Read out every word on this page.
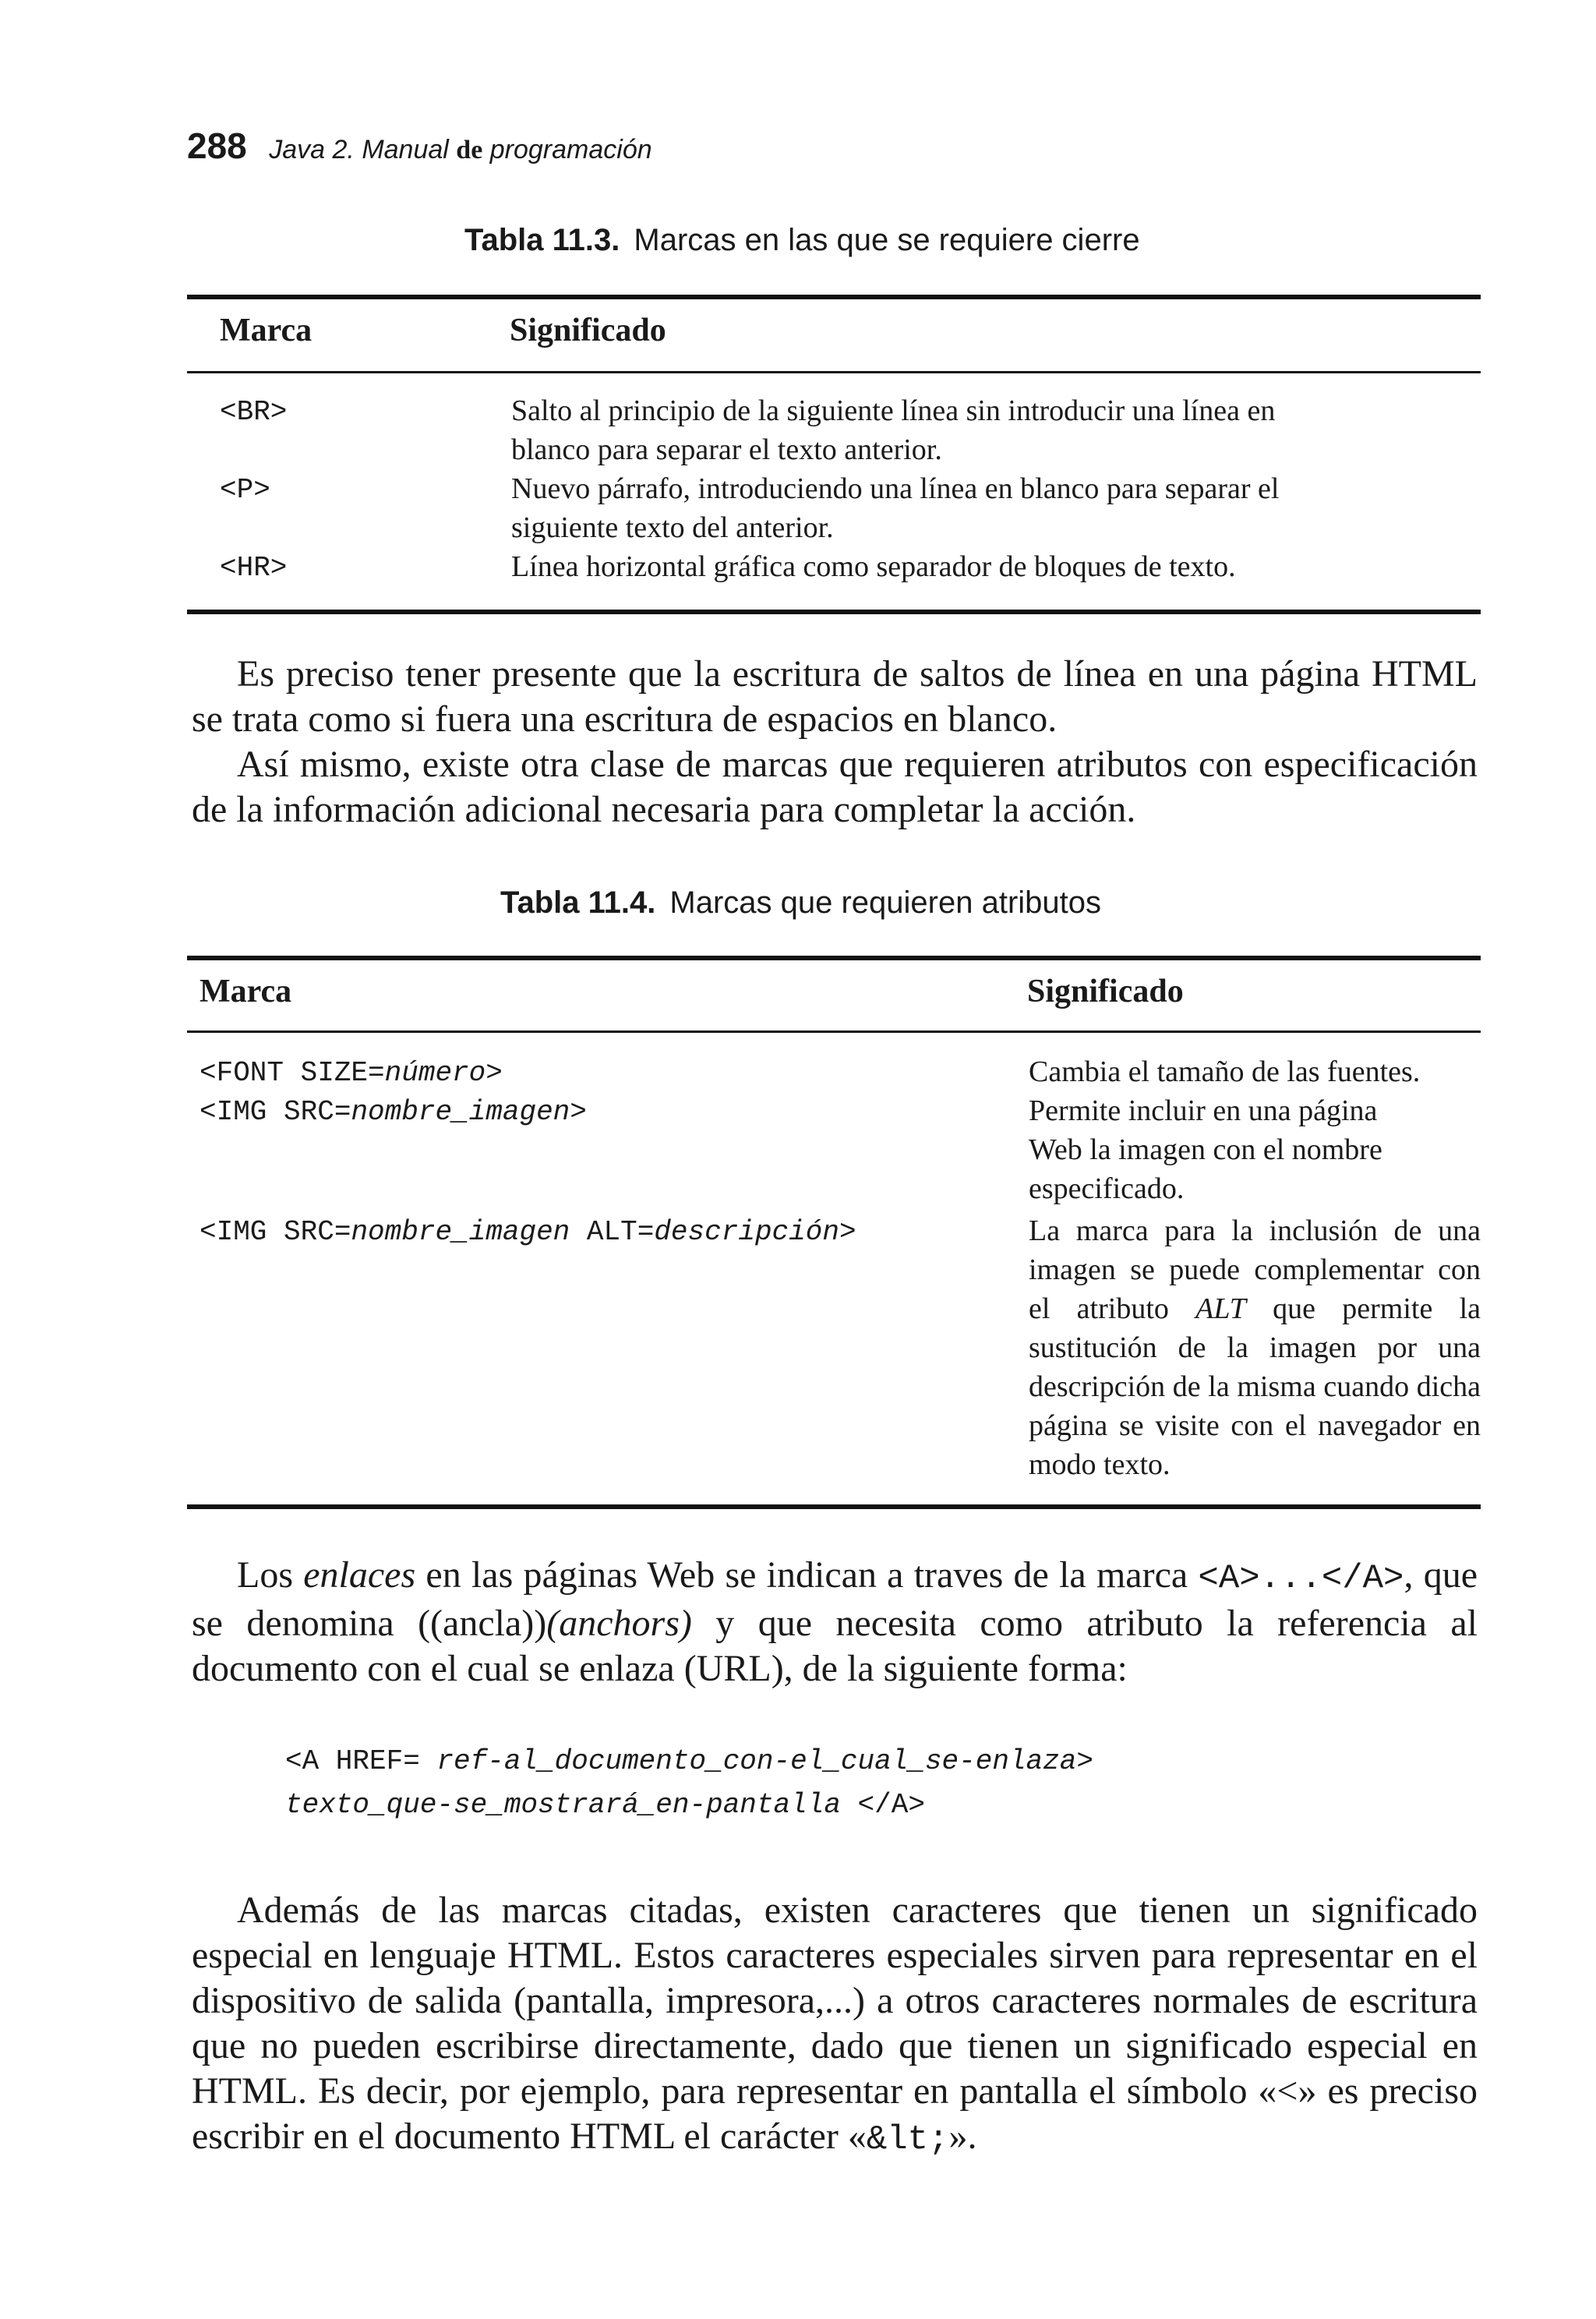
288 Java 2. Manual de programación
Tabla 11.3. Marcas en las que se requiere cierre
Marca	Significado
<BR>	Salto al principio de la siguiente línea sin introducir una línea en
blanco para separar el texto anterior.
<P>	Nuevo párrafo, introduciendo una línea en blanco para separar el
siguiente texto del anterior.
<HR>	Línea horizontal gráfica como separador de bloques de texto.
Es preciso tener presente que la escritura de saltos de línea en una página HTML se trata como si fuera una escritura de espacios en blanco.
Así mismo, existe otra clase de marcas que requieren atributos con especificación de la información adicional necesaria para completar la acción.
Tabla 11.4. Marcas que requieren atributos
Marca	Significado
<FONT SIZE=número>	Cambia el tamaño de las fuentes.
<IMG SRC=nombre_imagen>	Permite incluir en una página Web la imagen con el nombre especificado.
<IMG SRC=nombre_imagen ALT=descripción>	La marca para la inclusión de una imagen se puede complementar con el atributo ALT que permite la sustitución de la imagen por una descripción de la misma cuando dicha página se visite con el navegador en modo texto.
Los enlaces en las páginas Web se indican a traves de la marca <A>...</A>, que se denomina ((ancla))(anchors) y que necesita como atributo la referencia al documento con el cual se enlaza (URL), de la siguiente forma:
<A HREF= ref-al_documento_con-el_cual_se-enlaza>
texto_que-se_mostrará_en-pantalla </A>
Además de las marcas citadas, existen caracteres que tienen un significado especial en lenguaje HTML. Estos caracteres especiales sirven para representar en el dispositivo de salida (pantalla, impresora,...) a otros caracteres normales de escritura que no pueden escribirse directamente, dado que tienen un significado especial en HTML. Es decir, por ejemplo, para representar en pantalla el símbolo «<» es preciso escribir en el documento HTML el carácter «&lt;».
